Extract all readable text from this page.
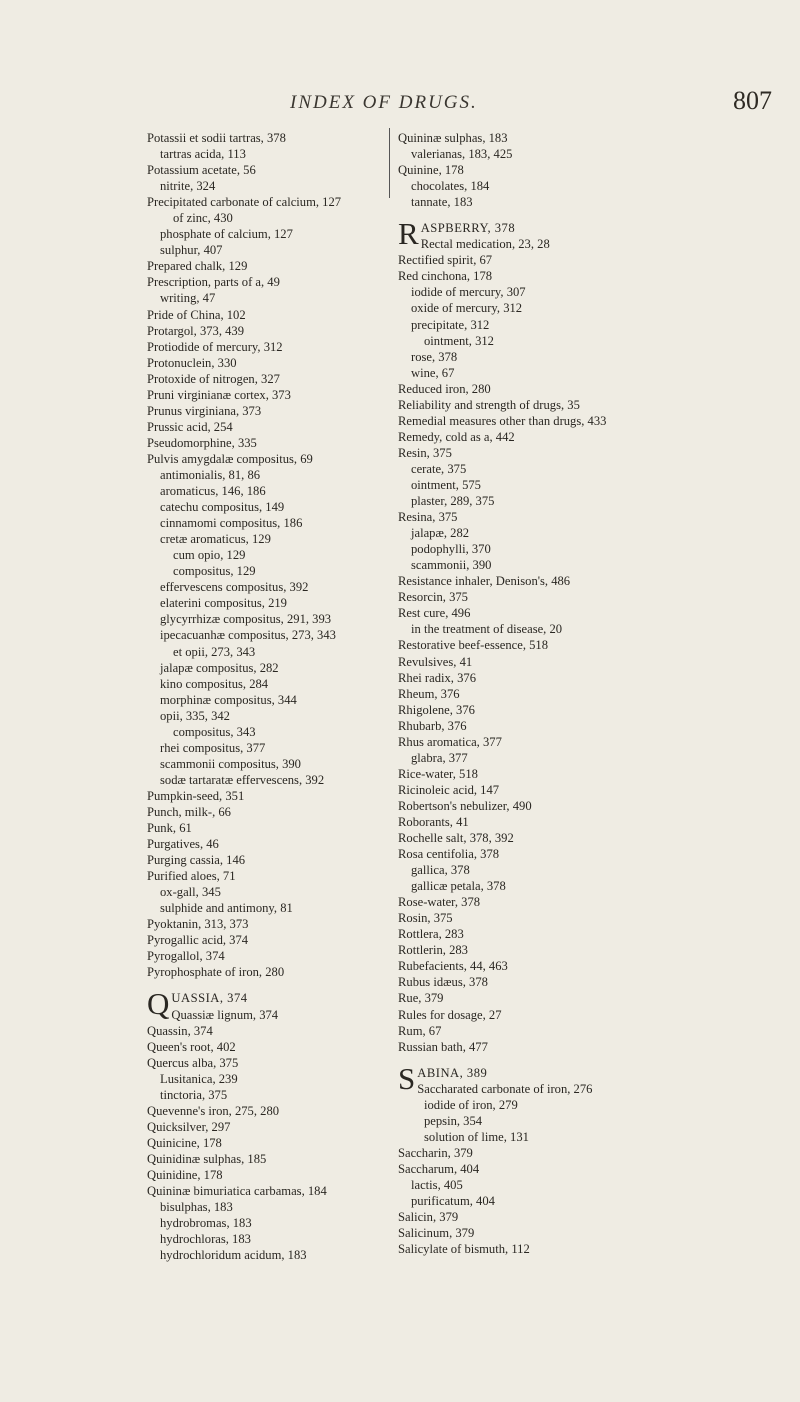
INDEX OF DRUGS.	807
Potassii et sodii tartras, 378
tartras acida, 113
Potassium acetate, 56
nitrite, 324
Precipitated carbonate of calcium, 127
of zinc, 430
phosphate of calcium, 127
sulphur, 407
Prepared chalk, 129
Prescription, parts of a, 49
writing, 47
Pride of China, 102
Protargol, 373, 439
Protiodide of mercury, 312
Protonuclein, 330
Protoxide of nitrogen, 327
Pruni virginianæ cortex, 373
Prunus virginiana, 373
Prussic acid, 254
Pseudomorphine, 335
Pulvis amygdalæ compositus, 69
antimonialis, 81, 86
aromaticus, 146, 186
catechu compositus, 149
cinnamomi compositus, 186
cretæ aromaticus, 129
cum opio, 129
compositus, 129
effervescens compositus, 392
elaterini compositus, 219
glycyrrhizæ compositus, 291, 393
ipecacuanhæ compositus, 273, 343
et opii, 273, 343
jalapæ compositus, 282
kino compositus, 284
morphinæ compositus, 344
opii, 335, 342
compositus, 343
rhei compositus, 377
scammonii compositus, 390
sodæ tartaratæ effervescens, 392
Pumpkin-seed, 351
Punch, milk-, 66
Punk, 61
Purgatives, 46
Purging cassia, 146
Purified aloes, 71
ox-gall, 345
sulphide and antimony, 81
Pyoktanin, 313, 373
Pyrogallic acid, 374
Pyrogallol, 374
Pyrophosphate of iron, 280
QUASSIA, 374
Quassiæ lignum, 374
Quassin, 374
Queen's root, 402
Quercus alba, 375
Lusitanica, 239
tinctoria, 375
Quevenne's iron, 275, 280
Quicksilver, 297
Quinicine, 178
Quinidinæ sulphas, 185
Quinidine, 178
Quininæ bimuriatica carbamas, 184
bisulphas, 183
hydrobromas, 183
hydrochloras, 183
hydrochloridum acidum, 183
Quininæ sulphas, 183
valerianas, 183, 425
Quinine, 178
chocolates, 184
tannate, 183
RASPBERRY, 378
Rectal medication, 23, 28
Rectified spirit, 67
Red cinchona, 178
iodide of mercury, 307
oxide of mercury, 312
precipitate, 312
ointment, 312
rose, 378
wine, 67
Reduced iron, 280
Reliability and strength of drugs, 35
Remedial measures other than drugs, 433
Remedy, cold as a, 442
Resin, 375
cerate, 375
ointment, 575
plaster, 289, 375
Resina, 375
jalapæ, 282
podophylli, 370
scammonii, 390
Resistance inhaler, Denison's, 486
Resorcin, 375
Rest cure, 496
in the treatment of disease, 20
Restorative beef-essence, 518
Revulsives, 41
Rhei radix, 376
Rheum, 376
Rhigolene, 376
Rhubarb, 376
Rhus aromatica, 377
glabra, 377
Rice-water, 518
Ricinoleic acid, 147
Robertson's nebulizer, 490
Roborants, 41
Rochelle salt, 378, 392
Rosa centifolia, 378
gallica, 378
gallicæ petala, 378
Rose-water, 378
Rosin, 375
Rottlera, 283
Rottlerin, 283
Rubefacients, 44, 463
Rubus idæus, 378
Rue, 379
Rules for dosage, 27
Rum, 67
Russian bath, 477
SABINA, 389
Saccharated carbonate of iron, 276
iodide of iron, 279
pepsin, 354
solution of lime, 131
Saccharin, 379
Saccharum, 404
lactis, 405
purificatum, 404
Salicin, 379
Salicinum, 379
Salicylate of bismuth, 112
